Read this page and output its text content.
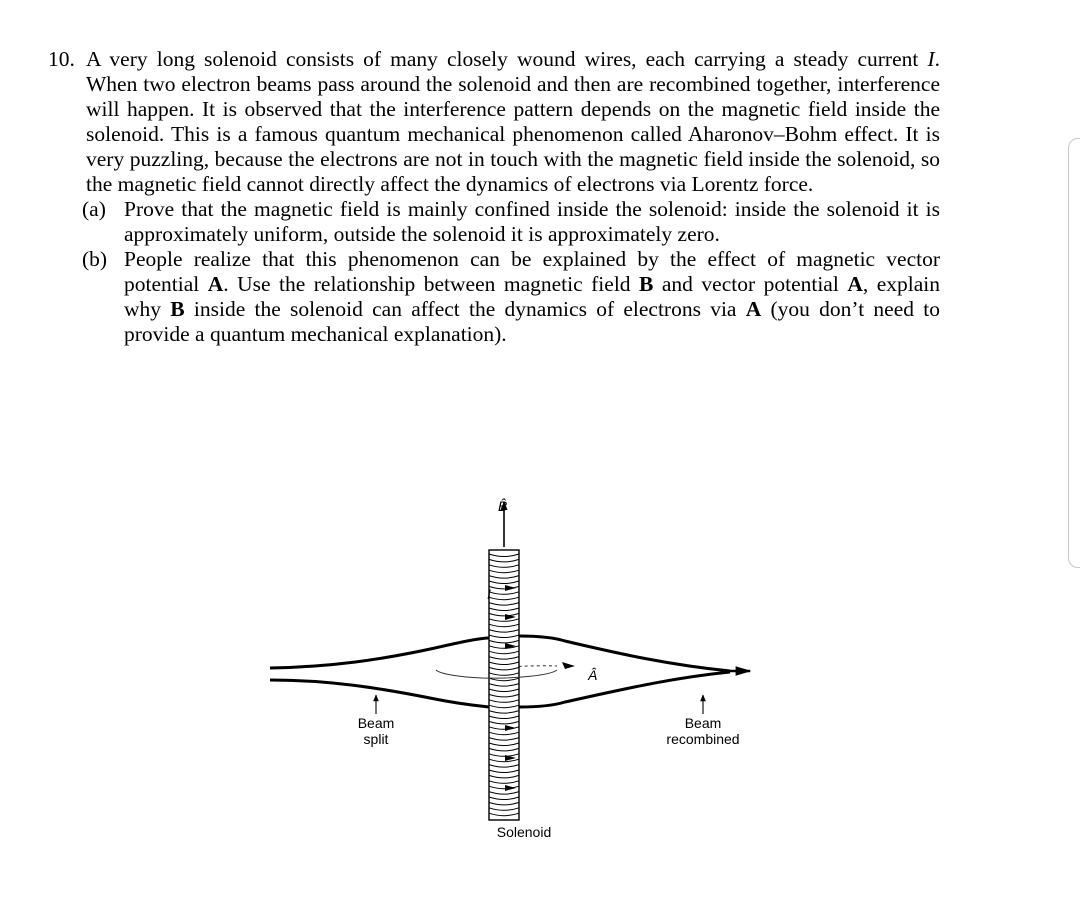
10. A very long solenoid consists of many closely wound wires, each carrying a steady current I. When two electron beams pass around the solenoid and then are recombined together, interference will happen. It is observed that the interference pattern depends on the magnetic field inside the solenoid. This is a famous quantum mechanical phenomenon called Aharonov–Bohm effect. It is very puzzling, because the electrons are not in touch with the magnetic field inside the solenoid, so the magnetic field cannot directly affect the dynamics of electrons via Lorentz force.
(a) Prove that the magnetic field is mainly confined inside the solenoid: inside the solenoid it is approximately uniform, outside the solenoid it is approximately zero.
(b) People realize that this phenomenon can be explained by the effect of magnetic vector potential A. Use the relationship between magnetic field B and vector potential A, explain why B inside the solenoid can affect the dynamics of electrons via A (you don’t need to provide a quantum mechanical explanation).
B̂
I
Â
Beam
split
Beam
recombined
Solenoid
